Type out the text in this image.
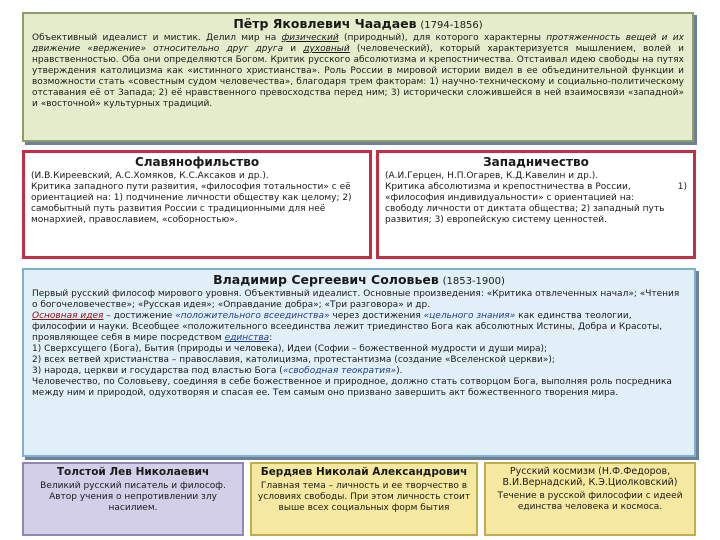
Пётр Яковлевич Чаадаев (1794-1856)

Объективный идеалист и мистик. Делил мир на физический (природный), для которого характерны протяженность вещей и их движение «вержение» относительно друг друга и духовный (человеческий), который характеризуется мышлением, волей и нравственностью. Оба они определяются Богом. Критик русского абсолютизма и крепостничества. Отстаивал идею свободы на путях утверждения католицизма как «истинного христианства». Роль России в мировой истории видел в ее объединительной функции и возможности стать «совестным судом человечества», благодаря трем факторам: 1) научно-техническому и социально-политическому отставания её от Запада; 2) её нравственного превосходства перед ним; 3) исторически сложившейся в ней взаимосвязи «западной» и «восточной» культурных традиций.

Славянофильство

(И.В.Киреевский, А.С.Хомяков, К.С.Аксаков и др.).

Критика западного пути развития, «философия тотальности» с её ориентацией на: 1) подчинение личности обществу как целому; 2) самобытный путь развития России с традиционными для неё монархией, православием, «соборностью».

Западничество

(А.И.Герцен, Н.П.Огарев, К.Д.Кавелин и др.).

1)
Критика абсолютизма и крепостничества в России, «философия индивидуальности» с ориентацией на:

свободу личности от диктата общества; 2) западный путь развития; 3) европейскую систему ценностей.

Владимир Сергеевич Соловьев (1853-1900)

Первый русский философ мирового уровня. Объективный идеалист. Основные произведения: «Критика отвлеченных начал»; «Чтения о богочеловечестве»; «Русская идея»; «Оправдание добра»; «Три разговора» и др.

Основная идея – достижение «положительного всеединства» через достижения «цельного знания» как единства теологии, философии и науки. Всеобщее «положительного всеединства лежит триединство Бога как абсолютных Истины, Добра и Красоты, проявляющее себя в мире посредством единства:

1) Сверхсущего (Бога), Бытия (природы и человека), Идеи (Софии – божественной мудрости и души мира);

2) всех ветвей христианства – православия, католицизма, протестантизма (создание «Вселенской церкви»);

3) народа, церкви и государства под властью Бога («свободная теократия»).

Человечество, по Соловьеву, соединяя в себе божественное и природное, должно стать сотворцом Бога, выполняя роль посредника между ним и природой, одухотворяя и спасая ее. Тем самым оно призвано завершить акт божественного творения мира.

Толстой Лев Николаевич

Великий русский писатель и философ. Автор учения о непротивлении злу насилием.

Бердяев Николай Александрович

Главная тема – личность и ее творчество в условиях свободы. При этом личность стоит выше всех социальных форм бытия

Русский космизм (Н.Ф.Федоров, В.И.Вернадский, К.Э.Циолковский)

Течение в русской философии с идеей единства человека и космоса.
